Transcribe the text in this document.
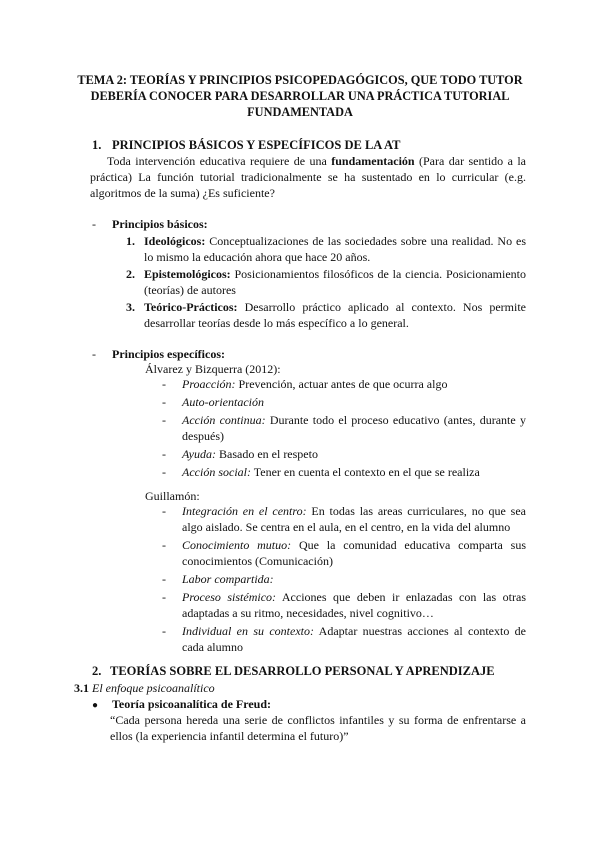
TEMA 2: TEORÍAS Y PRINCIPIOS PSICOPEDAGÓGICOS, QUE TODO TUTOR DEBERÍA CONOCER PARA DESARROLLAR UNA PRÁCTICA TUTORIAL FUNDAMENTADA
1. PRINCIPIOS BÁSICOS Y ESPECÍFICOS DE LA AT
Toda intervención educativa requiere de una fundamentación (Para dar sentido a la práctica) La función tutorial tradicionalmente se ha sustentado en lo curricular (e.g. algoritmos de la suma) ¿Es suficiente?
- Principios básicos:
1. Ideológicos: Conceptualizaciones de las sociedades sobre una realidad. No es lo mismo la educación ahora que hace 20 años.
2. Epistemológicos: Posicionamientos filosóficos de la ciencia. Posicionamiento (teorías) de autores
3. Teórico-Prácticos: Desarrollo práctico aplicado al contexto. Nos permite desarrollar teorías desde lo más específico a lo general.
- Principios específicos:
Álvarez y Bizquerra (2012):
- Proacción: Prevención, actuar antes de que ocurra algo
- Auto-orientación
- Acción continua: Durante todo el proceso educativo (antes, durante y después)
- Ayuda: Basado en el respeto
- Acción social: Tener en cuenta el contexto en el que se realiza
Guillamón:
- Integración en el centro: En todas las areas curriculares, no que sea algo aislado. Se centra en el aula, en el centro, en la vida del alumno
- Conocimiento mutuo: Que la comunidad educativa comparta sus conocimientos (Comunicación)
- Labor compartida:
- Proceso sistémico: Acciones que deben ir enlazadas con las otras adaptadas a su ritmo, necesidades, nivel cognitivo…
- Individual en su contexto: Adaptar nuestras acciones al contexto de cada alumno
2. TEORÍAS SOBRE EL DESARROLLO PERSONAL Y APRENDIZAJE
3.1 El enfoque psicoanalítico
● Teoría psicoanalítica de Freud:
“Cada persona hereda una serie de conflictos infantiles y su forma de enfrentarse a ellos (la experiencia infantil determina el futuro)”
